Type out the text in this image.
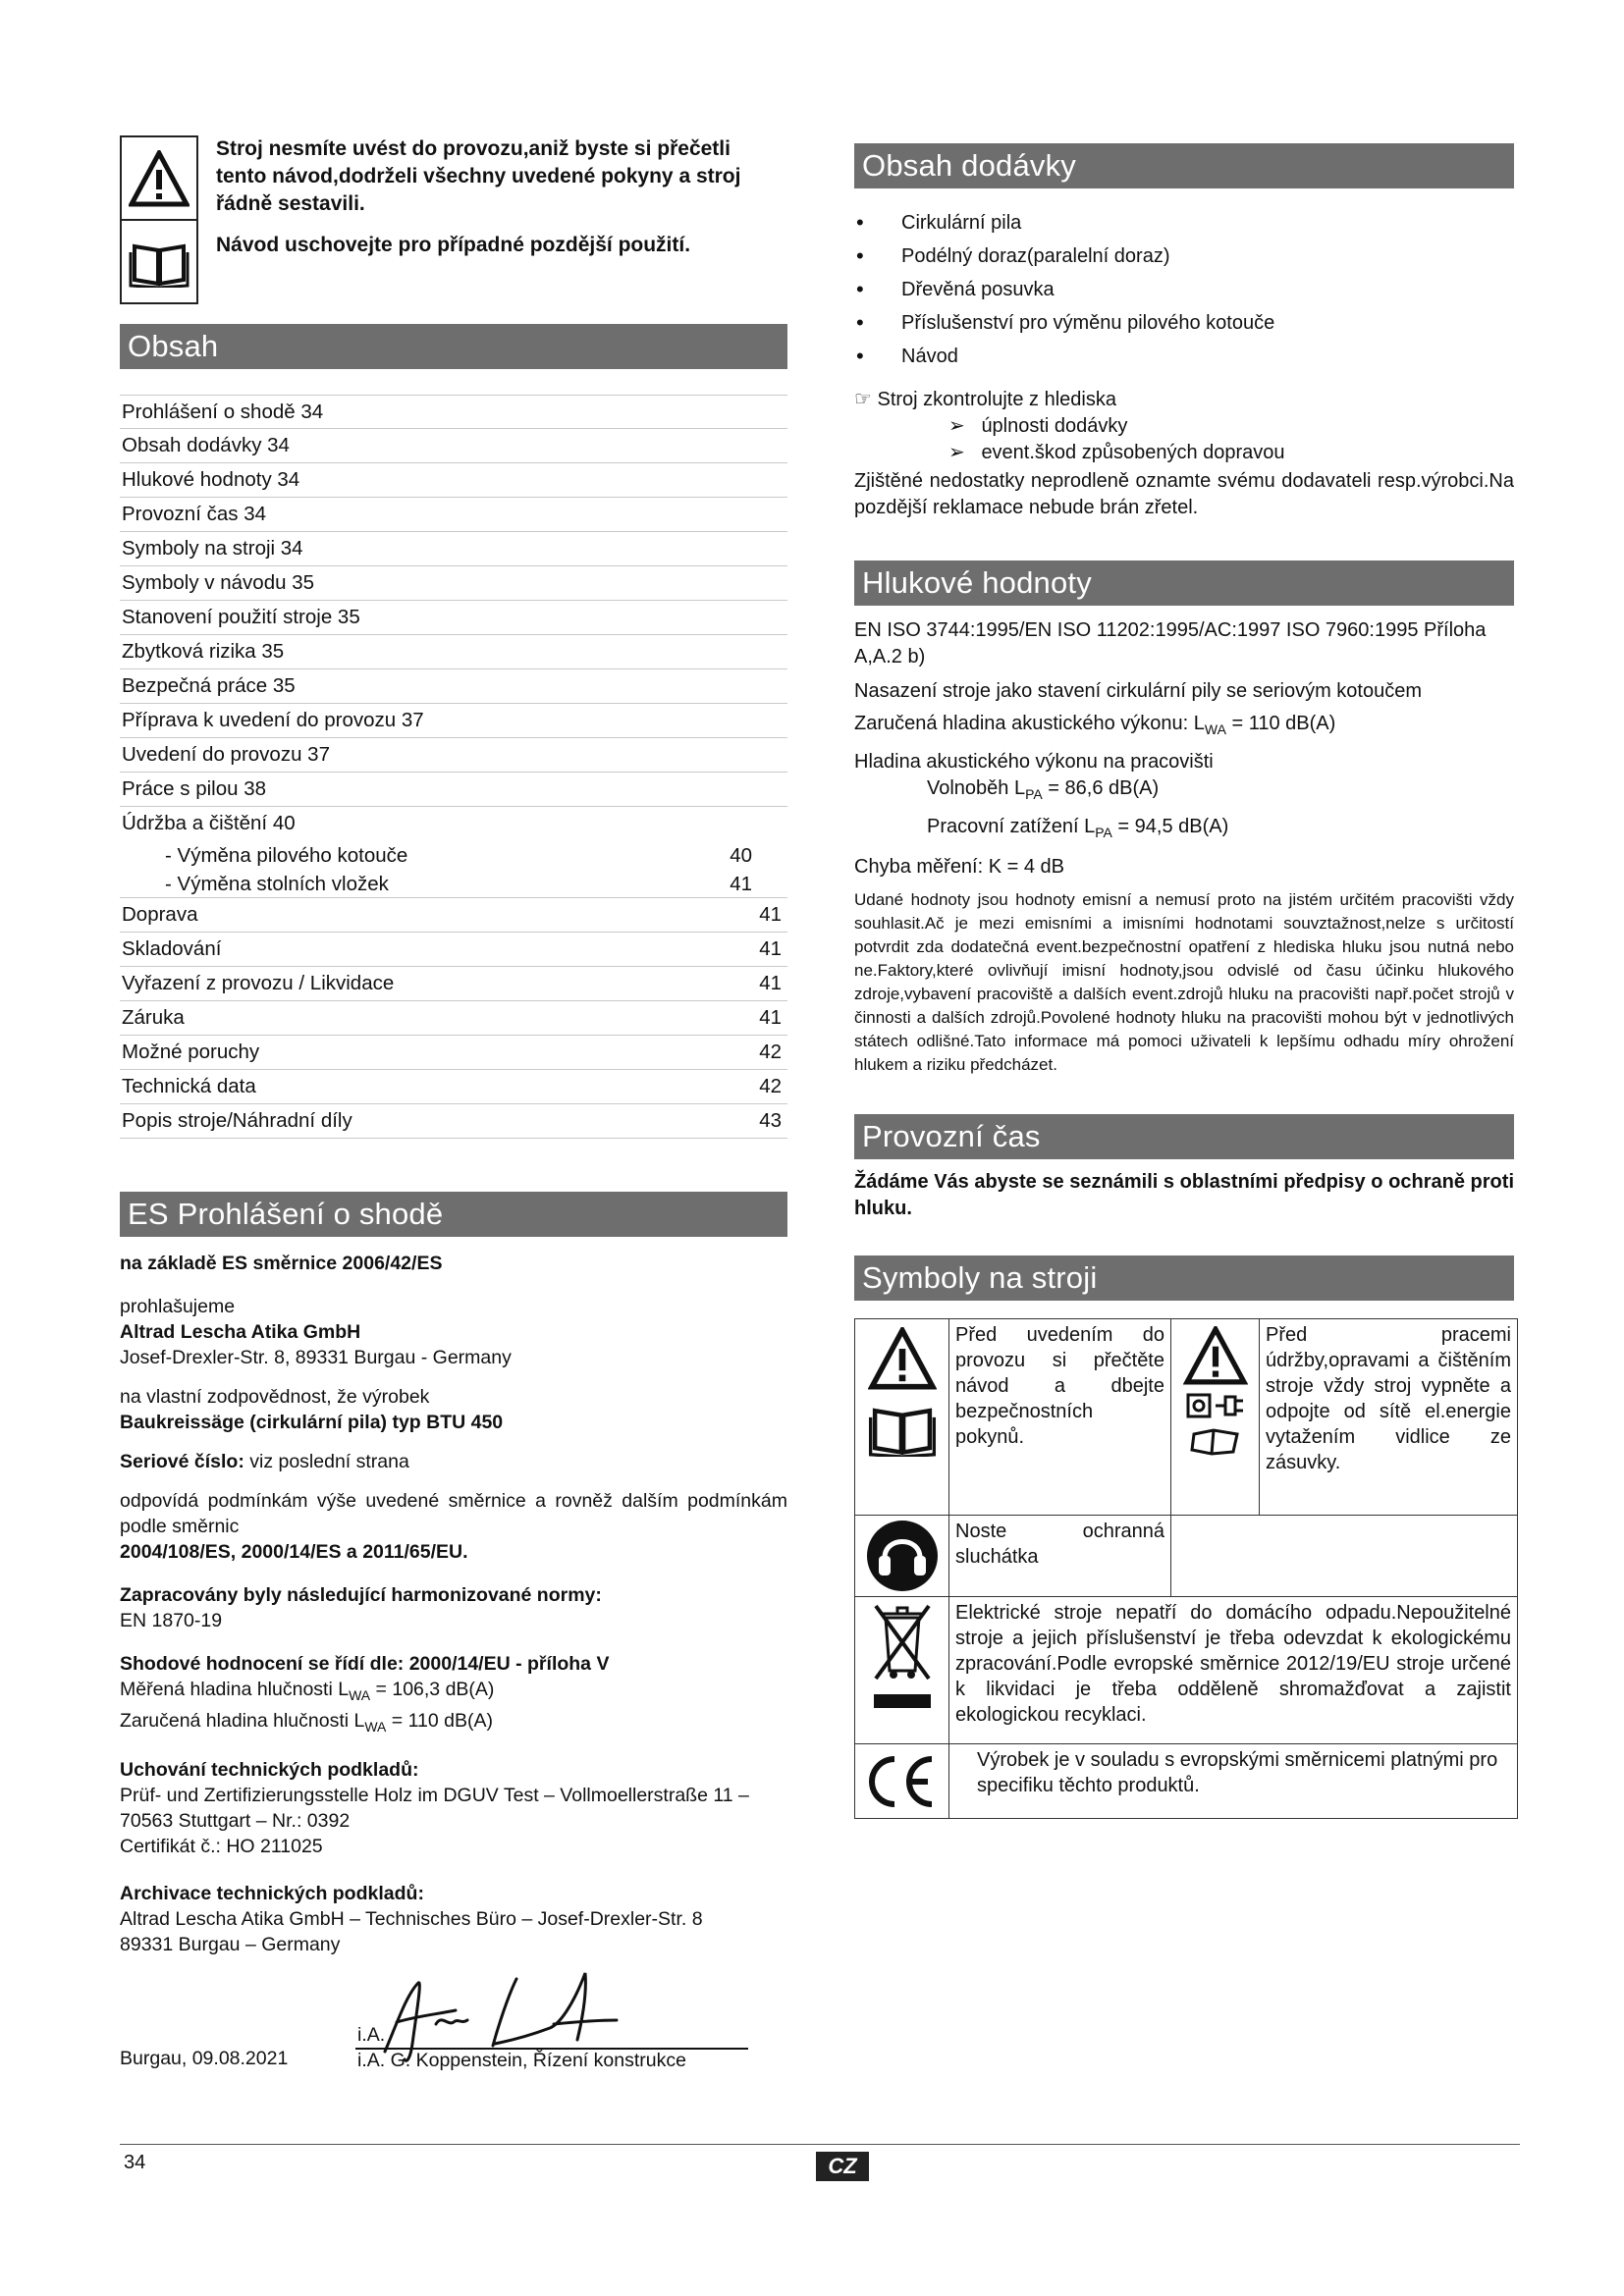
Stroj nesmíte uvést do provozu,aniž byste si přečetli tento návod,dodrželi všechny uvedené pokyny a stroj řádně sestavili.

Návod uschovejte pro případné pozdější použití.

Obsah
Prohlášení o shodě 34
Obsah dodávky 34
Hlukové hodnoty 34
Provozní čas 34
Symboly na stroji 34
Symboly v návodu 35
Stanovení použití stroje 35
Zbytková rizika 35
Bezpečná práce 35
Příprava k uvedení do provozu 37
Uvedení do provozu 37
Práce s pilou 38
Údržba a čištění 40
- Výměna pilového kotouče	40
- Výměna stolních vložek	41
Doprava	41
Skladování	41
Vyřazení z provozu / Likvidace	41
Záruka	41
Možné poruchy	42
Technická data	42
Popis stroje/Náhradní díly	43
ES Prohlášení o shodě
na základě ES směrnice 2006/42/ES
prohlašujeme
Altrad Lescha Atika GmbH
Josef-Drexler-Str. 8, 89331 Burgau - Germany
na vlastní zodpovědnost, že výrobek
Baukreissäge (cirkulární pila) typ BTU 450
Seriové číslo: viz poslední strana
odpovídá podmínkám výše uvedené směrnice a rovněž dalším podmínkám podle směrnic
2004/108/ES, 2000/14/ES a 2011/65/EU.
Zapracovány byly následující harmonizované normy:
EN 1870-19
Shodové hodnocení se řídí dle: 2000/14/EU - příloha V
Měřená hladina hlučnosti $L_{WA} = 106,3$ dB(A)
Zaručená hladina hlučnosti $L_{WA} = 110$ dB(A)
Uchování technických podkladů:
Prüf- und Zertifizierungsstelle Holz im DGUV Test – Vollmoellerstraße 11 –
70563 Stuttgart – Nr.: 0392
Certifikát č.: HO 211025
Archivace technických podkladů:
Altrad Lescha Atika GmbH – Technisches Büro – Josef-Drexler-Str. 8
89331 Burgau – Germany
Burgau, 09.08.2021
i.A.
i.A. G. Koppenstein, Řízení konstrukce
Obsah dodávky
• Cirkulární pila
• Podélný doraz(paralelní doraz)
• Dřevěná posuvka
• Příslušenství pro výměnu pilového kotouče
• Návod
☞ Stroj zkontrolujte z hlediska
➢ úplnosti dodávky
➢ event.škod způsobených dopravou
Zjištěné nedostatky neprodleně oznamte svému dodavateli resp.výrobci.Na pozdější reklamace nebude brán zřetel.
Hlukové hodnoty
EN ISO 3744:1995/EN ISO 11202:1995/AC:1997 ISO 7960:1995 Příloha A,A.2 b)
Nasazení stroje jako stavení cirkulární pily se seriovým kotoučem
Zaručená hladina akustického výkonu: $L_{WA} = 110$ dB(A)
Hladina akustického výkonu na pracovišti
Volnoběh $L_{PA} = 86,6$ dB(A)
Pracovní zatížení $L_{PA} = 94,5$ dB(A)
Chyba měření: K = 4 dB
Udané hodnoty jsou hodnoty emisní a nemusí proto na jistém určitém pracovišti vždy souhlasit.Ač je mezi emisními a imisními hodnotami souvztažnost,nelze s určitostí potvrdit zda dodatečná event.bezpečnostní opatření z hlediska hluku jsou nutná nebo ne.Faktory,které ovlivňují imisní hodnoty,jsou odvislé od času účinku hlukového zdroje,vybavení pracoviště a dalších event.zdrojů hluku na pracovišti např.počet strojů v činnosti a dalších zdrojů.Povolené hodnoty hluku na pracovišti mohou být v jednotlivých státech odlišné.Tato informace má pomoci uživateli k lepšímu odhadu míry ohrožení hlukem a riziku předcházet.
Provozní čas
Žádáme Vás abyste se seznámili s oblastními předpisy o ochraně proti hluku.
Symboly na stroji

Před uvedením do provozu si přečtěte návod a dbejte bezpečnostních pokynů.		Před pracemi údržby,opravami a čištěním stroje vždy stroj vypněte a odpojte od sítě el.energie vytažením vidlice ze zásuvky.

Noste ochranná sluchátka		

Elektrické stroje nepatří do domácího odpadu.Nepoužitelné stroje a jejich příslušenství je třeba odevzdat k ekologickému zpracování.Podle evropské směrnice 2012/19/EU stroje určené k likvidaci je třeba odděleně shromažďovat a zajistit ekologickou recyklaci.		

Výrobek je v souladu s evropskými směrnicemi platnými pro specifiku těchto produktů.		
34	CZ
